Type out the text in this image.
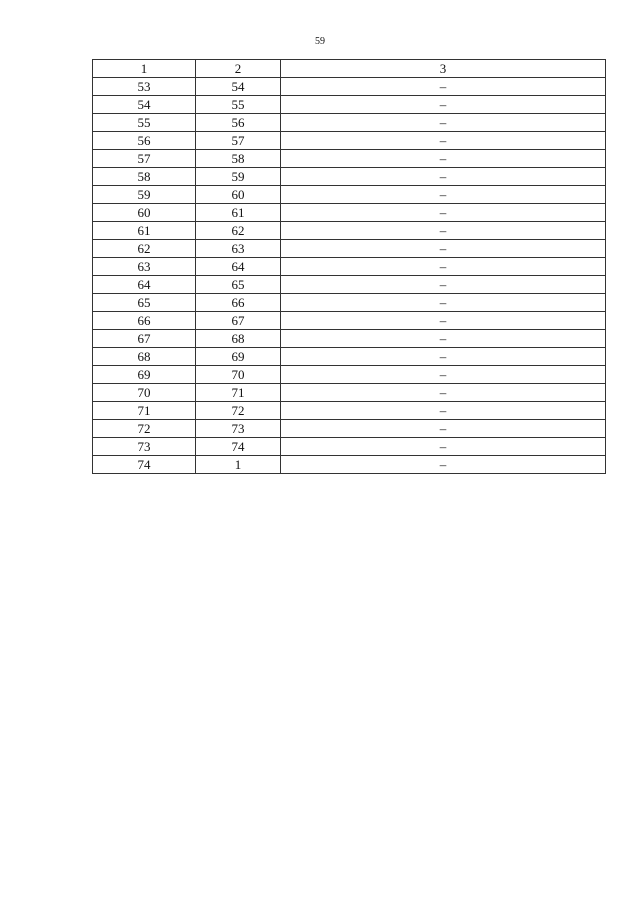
59
1	2	3
53	54	–
54	55	–
55	56	–
56	57	–
57	58	–
58	59	–
59	60	–
60	61	–
61	62	–
62	63	–
63	64	–
64	65	–
65	66	–
66	67	–
67	68	–
68	69	–
69	70	–
70	71	–
71	72	–
72	73	–
73	74	–
74	1	–
